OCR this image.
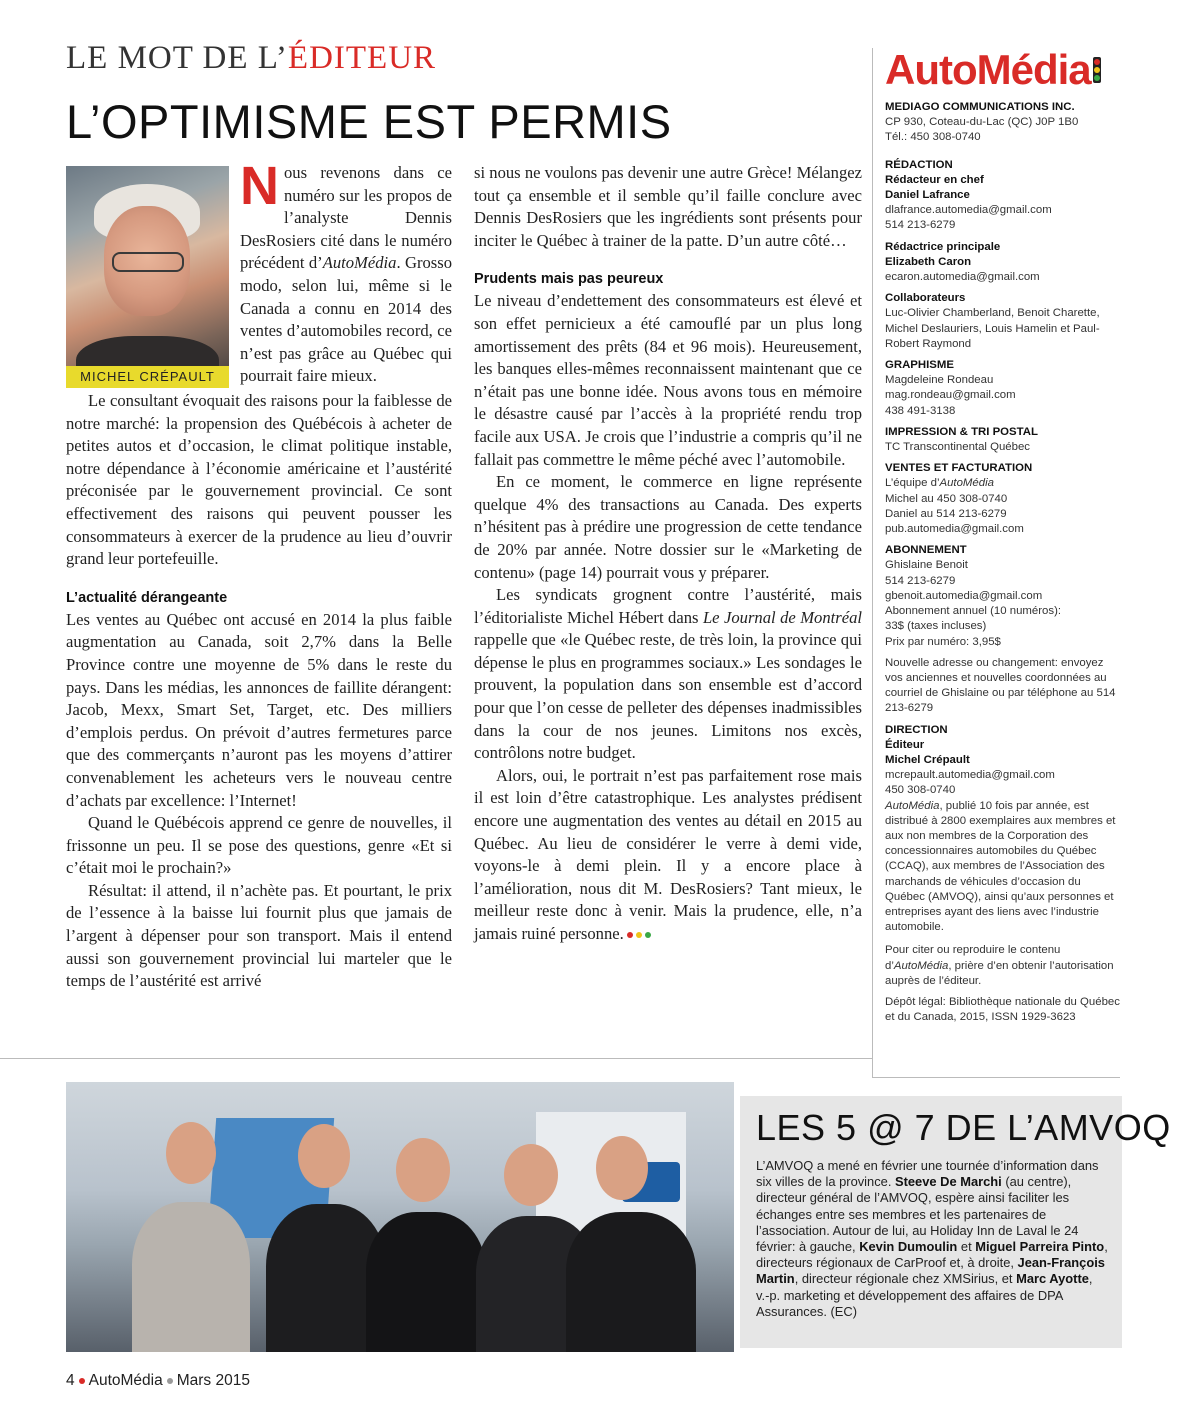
LE MOT DE L’ÉDITEUR
L’OPTIMISME EST PERMIS
MICHEL CRÉPAULT

Nous revenons dans ce numéro sur les propos de l’analyste Dennis DesRosiers cité dans le numéro précédent d’AutoMédia. Grosso modo, selon lui, même si le Canada a connu en 2014 des ventes d’automobiles record, ce n’est pas grâce au Québec qui pourrait faire mieux.

Le consultant évoquait des raisons pour la faiblesse de notre marché: la propension des Québécois à acheter de petites autos et d’occasion, le climat politique instable, notre dépendance à l’économie américaine et l’austérité préconisée par le gouvernement provincial. Ce sont effectivement des raisons qui peuvent pousser les consommateurs à exercer de la prudence au lieu d’ouvrir grand leur portefeuille.

L’actualité dérangeante

Les ventes au Québec ont accusé en 2014 la plus faible augmentation au Canada, soit 2,7% dans la Belle Province contre une moyenne de 5% dans le reste du pays. Dans les médias, les annonces de faillite dérangent: Jacob, Mexx, Smart Set, Target, etc. Des milliers d’emplois perdus. On prévoit d’autres fermetures parce que des commerçants n’auront pas les moyens d’attirer convenablement les acheteurs vers le nouveau centre d’achats par excellence: l’Internet!

Quand le Québécois apprend ce genre de nouvelles, il frissonne un peu. Il se pose des questions, genre «Et si c’était moi le prochain?»

Résultat: il attend, il n’achète pas. Et pourtant, le prix de l’essence à la baisse lui fournit plus que jamais de l’argent à dépenser pour son transport. Mais il entend aussi son gouvernement provincial lui marteler que le temps de l’austérité est arrivé

si nous ne voulons pas devenir une autre Grèce! Mélangez tout ça ensemble et il semble qu’il faille conclure avec Dennis DesRosiers que les ingrédients sont présents pour inciter le Québec à trainer de la patte. D’un autre côté…

Prudents mais pas peureux

Le niveau d’endettement des consommateurs est élevé et son effet pernicieux a été camouflé par un plus long amortissement des prêts (84 et 96 mois). Heureusement, les banques elles-mêmes reconnaissent maintenant que ce n’était pas une bonne idée. Nous avons tous en mémoire le désastre causé par l’accès à la propriété rendu trop facile aux USA. Je crois que l’industrie a compris qu’il ne fallait pas commettre le même péché avec l’automobile.

En ce moment, le commerce en ligne représente quelque 4% des transactions au Canada. Des experts n’hésitent pas à prédire une progression de cette tendance de 20% par année. Notre dossier sur le «Marketing de contenu» (page 14) pourrait vous y préparer.

Les syndicats grognent contre l’austérité, mais l’éditorialiste Michel Hébert dans Le Journal de Montréal rappelle que «le Québec reste, de très loin, la province qui dépense le plus en programmes sociaux.» Les sondages le prouvent, la population dans son ensemble est d’accord pour que l’on cesse de pelleter des dépenses inadmissibles dans la cour de nos jeunes. Limitons nos excès, contrôlons notre budget.

Alors, oui, le portrait n’est pas parfaitement rose mais il est loin d’être catastrophique. Les analystes prédisent encore une augmentation des ventes au détail en 2015 au Québec. Au lieu de considérer le verre à demi vide, voyons-le à demi plein. Il y a encore place à l’amélioration, nous dit M. DesRosiers? Tant mieux, le meilleur reste donc à venir. Mais la prudence, elle, n’a jamais ruiné personne.

AutoMédia
MEDIAGO COMMUNICATIONS INC.
CP 930, Coteau-du-Lac (QC) J0P 1B0
Tél.: 450 308-0740
RÉDACTION
Rédacteur en chef
Daniel Lafrance
dlafrance.automedia@gmail.com
514 213-6279
Rédactrice principale
Elizabeth Caron
ecaron.automedia@gmail.com
Collaborateurs
Luc-Olivier Chamberland, Benoit Charette, Michel Deslauriers, Louis Hamelin et Paul-Robert Raymond
GRAPHISME
Magdeleine Rondeau
mag.rondeau@gmail.com
438 491-3138
IMPRESSION & TRI POSTAL
TC Transcontinental Québec
VENTES ET FACTURATION
L’équipe d’AutoMédia
Michel au 450 308-0740
Daniel au 514 213-6279
pub.automedia@gmail.com
ABONNEMENT
Ghislaine Benoit
514 213-6279
gbenoit.automedia@gmail.com
Abonnement annuel (10 numéros):
33$ (taxes incluses)
Prix par numéro: 3,95$
Nouvelle adresse ou changement: envoyez vos anciennes et nouvelles coordonnées au courriel de Ghislaine ou par téléphone au 514 213-6279
DIRECTION
Éditeur
Michel Crépault
mcrepault.automedia@gmail.com
450 308-0740
AutoMédia, publié 10 fois par année, est distribué à 2800 exemplaires aux membres et aux non membres de la Corporation des concessionnaires automobiles du Québec (CCAQ), aux membres de l’Association des marchands de véhicules d’occasion du Québec (AMVOQ), ainsi qu’aux personnes et entreprises ayant des liens avec l’industrie automobile.
Pour citer ou reproduire le contenu d’AutoMédia, prière d’en obtenir l’autorisation auprès de l’éditeur.
Dépôt légal: Bibliothèque nationale du Québec et du Canada, 2015, ISSN 1929-3623
LES 5 @ 7 DE L’AMVOQ
L’AMVOQ a mené en février une tournée d’information dans six villes de la province. Steeve De Marchi (au centre), directeur général de l’AMVOQ, espère ainsi faciliter les échanges entre ses membres et les partenaires de l’association. Autour de lui, au Holiday Inn de Laval le 24 février: à gauche, Kevin Dumoulin et Miguel Parreira Pinto, directeurs régionaux de CarProof et, à droite, Jean-François Martin, directeur régionale chez XMSirius, et Marc Ayotte, v.-p. marketing et développement des affaires de DPA Assurances. (EC)
4 AutoMédia Mars 2015
